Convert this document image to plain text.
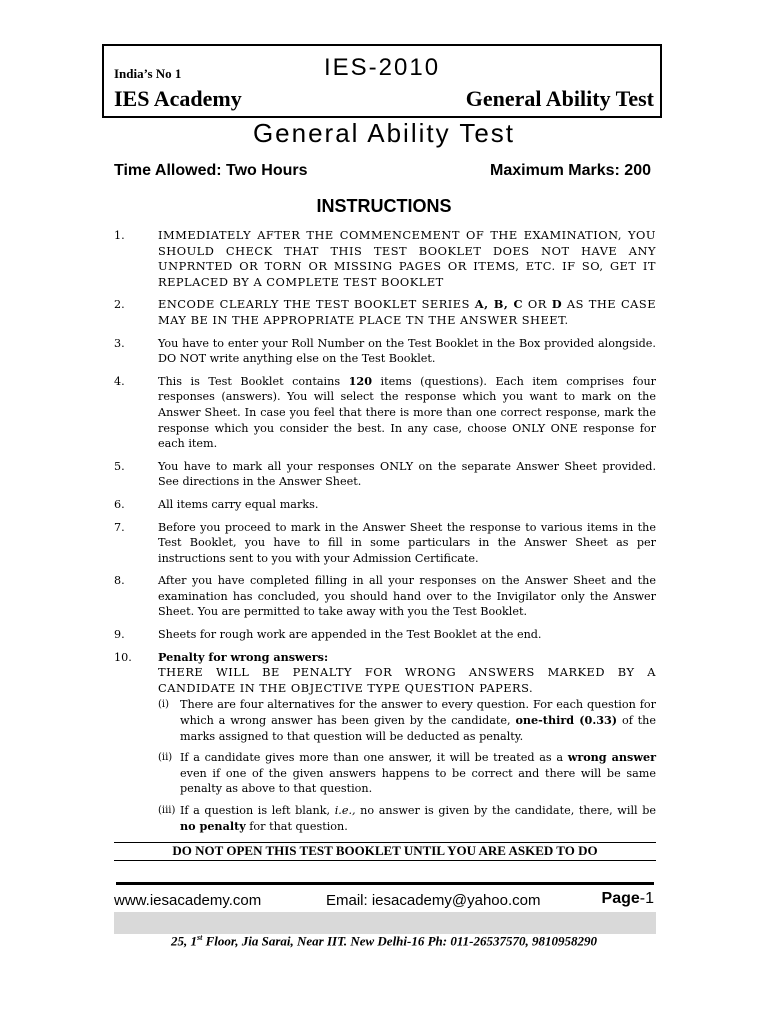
India’s No 1	IES-2010
IES Academy	General Ability Test
General Ability Test
Time Allowed: Two Hours	Maximum Marks: 200
INSTRUCTIONS
1.	IMMEDIATELY AFTER THE COMMENCEMENT OF THE EXAMINATION, YOU SHOULD CHECK THAT THIS TEST BOOKLET DOES NOT HAVE ANY UNPRNTED OR TORN OR MISSING PAGES OR ITEMS, ETC. IF SO, GET IT REPLACED BY A COMPLETE TEST BOOKLET
2.	ENCODE CLEARLY THE TEST BOOKLET SERIES A, B, C OR D AS THE CASE MAY BE IN THE APPROPRIATE PLACE TN THE ANSWER SHEET.
3.	You have to enter your Roll Number on the Test Booklet in the Box provided alongside. DO NOT write anything else on the Test Booklet.
4.	This is Test Booklet contains 120 items (questions). Each item comprises four responses (answers). You will select the response which you want to mark on the Answer Sheet. In case you feel that there is more than one correct response, mark the response which you consider the best. In any case, choose ONLY ONE response for each item.
5.	You have to mark all your responses ONLY on the separate Answer Sheet provided. See directions in the Answer Sheet.
6.	All items carry equal marks.
7.	Before you proceed to mark in the Answer Sheet the response to various items in the Test Booklet, you have to fill in some particulars in the Answer Sheet as per instructions sent to you with your Admission Certificate.
8.	After you have completed filling in all your responses on the Answer Sheet and the examination has concluded, you should hand over to the Invigilator only the Answer Sheet. You are permitted to take away with you the Test Booklet.
9.	Sheets for rough work are appended in the Test Booklet at the end.
10.	Penalty for wrong answers:
THERE WILL BE PENALTY FOR WRONG ANSWERS MARKED BY A CANDIDATE IN THE OBJECTIVE TYPE QUESTION PAPERS.
(i) There are four alternatives for the answer to every question. For each question for which a wrong answer has been given by the candidate, one-third (0.33) of the marks assigned to that question will be deducted as penalty.
(ii) If a candidate gives more than one answer, it will be treated as a wrong answer even if one of the given answers happens to be correct and there will be same penalty as above to that question.
(iii) If a question is left blank, i.e., no answer is given by the candidate, there, will be no penalty for that question.
DO NOT OPEN THIS TEST BOOKLET UNTIL YOU ARE ASKED TO DO
www.iesacademy.com	Email: iesacademy@yahoo.com	Page-1
25, 1st Floor, Jia Sarai, Near IIT. New Delhi-16 Ph: 011-26537570, 9810958290
